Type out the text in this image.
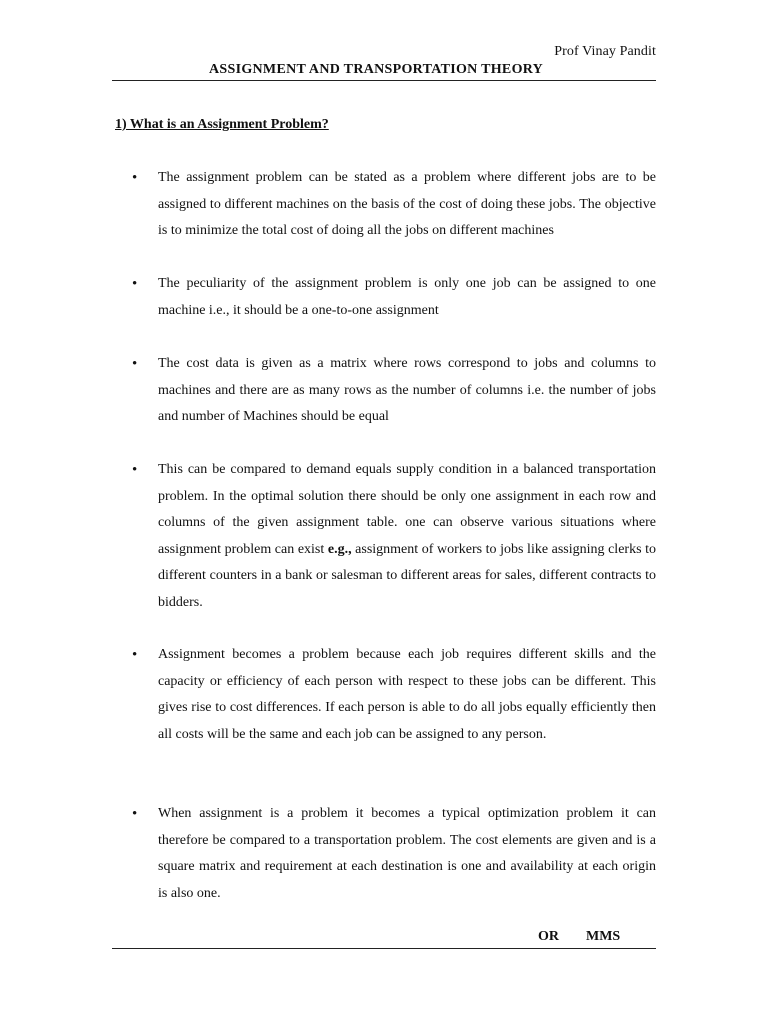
Prof Vinay Pandit
ASSIGNMENT AND TRANSPORTATION THEORY
1) What is an Assignment Problem?
• The assignment problem can be stated as a problem where different jobs are to be assigned to different machines on the basis of the cost of doing these jobs. The objective is to minimize the total cost of doing all the jobs on different machines
• The peculiarity of the assignment problem is only one job can be assigned to one machine i.e., it should be a one-to-one assignment
• The cost data is given as a matrix where rows correspond to jobs and columns to machines and there are as many rows as the number of columns i.e. the number of jobs and number of Machines should be equal
• This can be compared to demand equals supply condition in a balanced transportation problem. In the optimal solution there should be only one assignment in each row and columns of the given assignment table. one can observe various situations where assignment problem can exist e.g., assignment of workers to jobs like assigning clerks to different counters in a bank or salesman to different areas for sales, different contracts to bidders.
• Assignment becomes a problem because each job requires different skills and the capacity or efficiency of each person with respect to these jobs can be different. This gives rise to cost differences. If each person is able to do all jobs equally efficiently then all costs will be the same and each job can be assigned to any person.
• When assignment is a problem it becomes a typical optimization problem it can therefore be compared to a transportation problem. The cost elements are given and is a square matrix and requirement at each destination is one and availability at each origin is also one.
OR MMS
